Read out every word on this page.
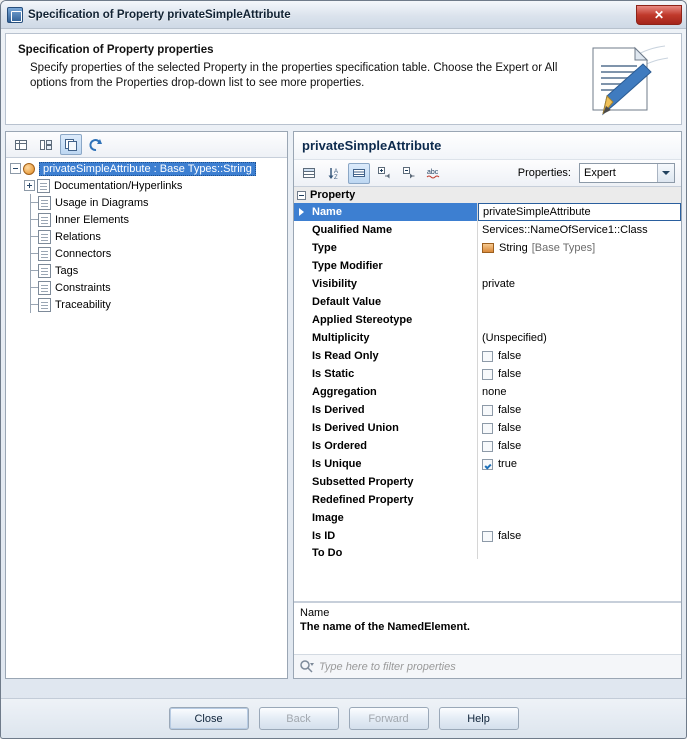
Specification of Property privateSimpleAttribute	✕
Specification of Property properties
Specify properties of the selected Property in the properties specification table. Choose the Expert or All options from the Properties drop-down list to see more properties.
privateSimpleAttribute : Base Types::String
Documentation/Hyperlinks
Usage in Diagrams
Inner Elements
Relations
Connectors
Tags
Constraints
Traceability
privateSimpleAttribute
A
Z
abc	Properties: Expert
Property
Name	privateSimpleAttribute
Qualified Name	Services::NameOfService1::Class
Type	String [Base Types]
Type Modifier
Visibility	private
Default Value
Applied Stereotype
Multiplicity	(Unspecified)
Is Read Only	false
Is Static	false
Aggregation	none
Is Derived	false
Is Derived Union	false
Is Ordered	false
Is Unique	true
Subsetted Property
Redefined Property
Image
Is ID	false
To Do
Name
The name of the NamedElement.
Type here to filter properties
Close	Back	Forward	Help
